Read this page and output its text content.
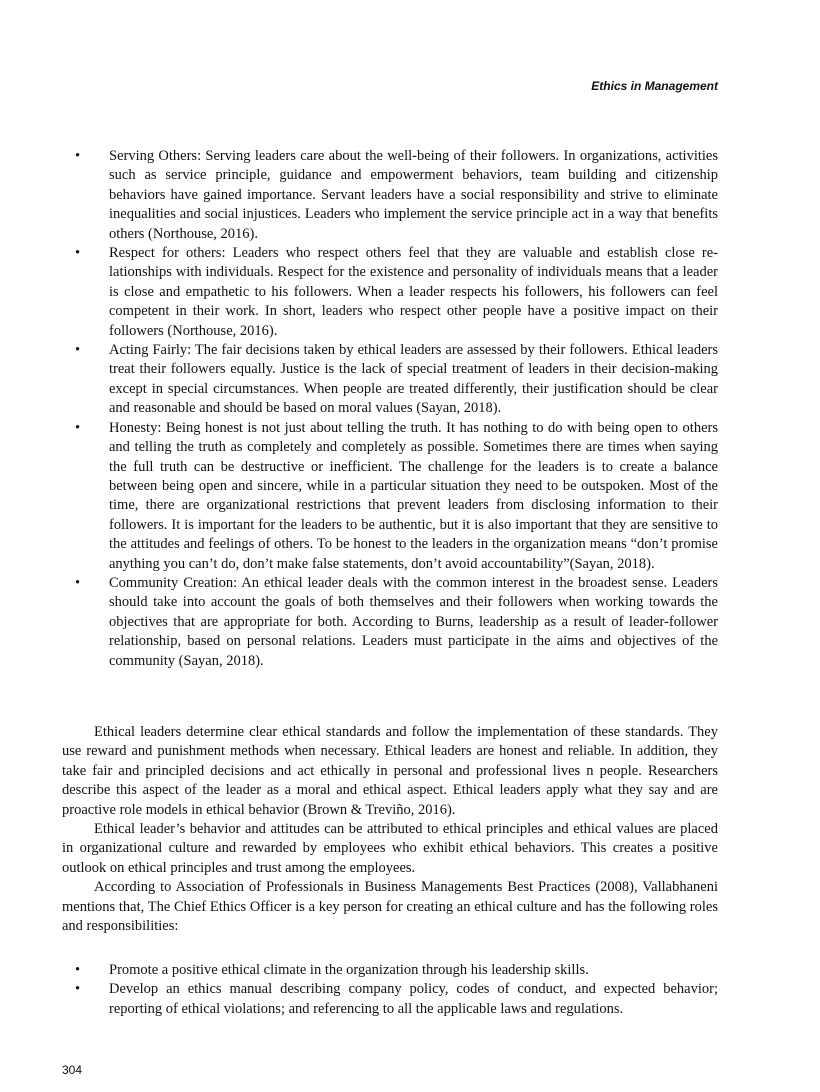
Ethics in Management
• Serving Others: Serving leaders care about the well-being of their followers. In organizations, activities such as service principle, guidance and empowerment behaviors, team building and citizenship behaviors have gained importance. Servant leaders have a social responsibility and strive to eliminate inequalities and social injustices. Leaders who implement the service principle act in a way that benefits others (Northouse, 2016).
• Respect for others: Leaders who respect others feel that they are valuable and establish close relationships with individuals. Respect for the existence and personality of individuals means that a leader is close and empathetic to his followers. When a leader respects his followers, his followers can feel competent in their work. In short, leaders who respect other people have a positive impact on their followers (Northouse, 2016).
• Acting Fairly: The fair decisions taken by ethical leaders are assessed by their followers. Ethical leaders treat their followers equally. Justice is the lack of special treatment of leaders in their decision-making except in special circumstances. When people are treated differently, their justification should be clear and reasonable and should be based on moral values (Sayan, 2018).
• Honesty: Being honest is not just about telling the truth. It has nothing to do with being open to others and telling the truth as completely and completely as possible. Sometimes there are times when saying the full truth can be destructive or inefficient. The challenge for the leaders is to create a balance between being open and sincere, while in a particular situation they need to be outspoken. Most of the time, there are organizational restrictions that prevent leaders from disclosing information to their followers. It is important for the leaders to be authentic, but it is also important that they are sensitive to the attitudes and feelings of others. To be honest to the leaders in the organization means “don’t promise anything you can’t do, don’t make false statements, don’t avoid accountability”(Sayan, 2018).
• Community Creation: An ethical leader deals with the common interest in the broadest sense. Leaders should take into account the goals of both themselves and their followers when working towards the objectives that are appropriate for both. According to Burns, leadership as a result of leader-follower relationship, based on personal relations. Leaders must participate in the aims and objectives of the community (Sayan, 2018).

Ethical leaders determine clear ethical standards and follow the implementation of these standards. They use reward and punishment methods when necessary. Ethical leaders are honest and reliable. In addition, they take fair and principled decisions and act ethically in personal and professional lives n people. Researchers describe this aspect of the leader as a moral and ethical aspect. Ethical leaders apply what they say and are proactive role models in ethical behavior (Brown & Treviño, 2016).

Ethical leader’s behavior and attitudes can be attributed to ethical principles and ethical values are placed in organizational culture and rewarded by employees who exhibit ethical behaviors. This creates a positive outlook on ethical principles and trust among the employees.

According to Association of Professionals in Business Managements Best Practices (2008), Vallabhaneni mentions that, The Chief Ethics Officer is a key person for creating an ethical culture and has the following roles and responsibilities:

• Promote a positive ethical climate in the organization through his leadership skills.
• Develop an ethics manual describing company policy, codes of conduct, and expected behavior; reporting of ethical violations; and referencing to all the applicable laws and regulations.
304
